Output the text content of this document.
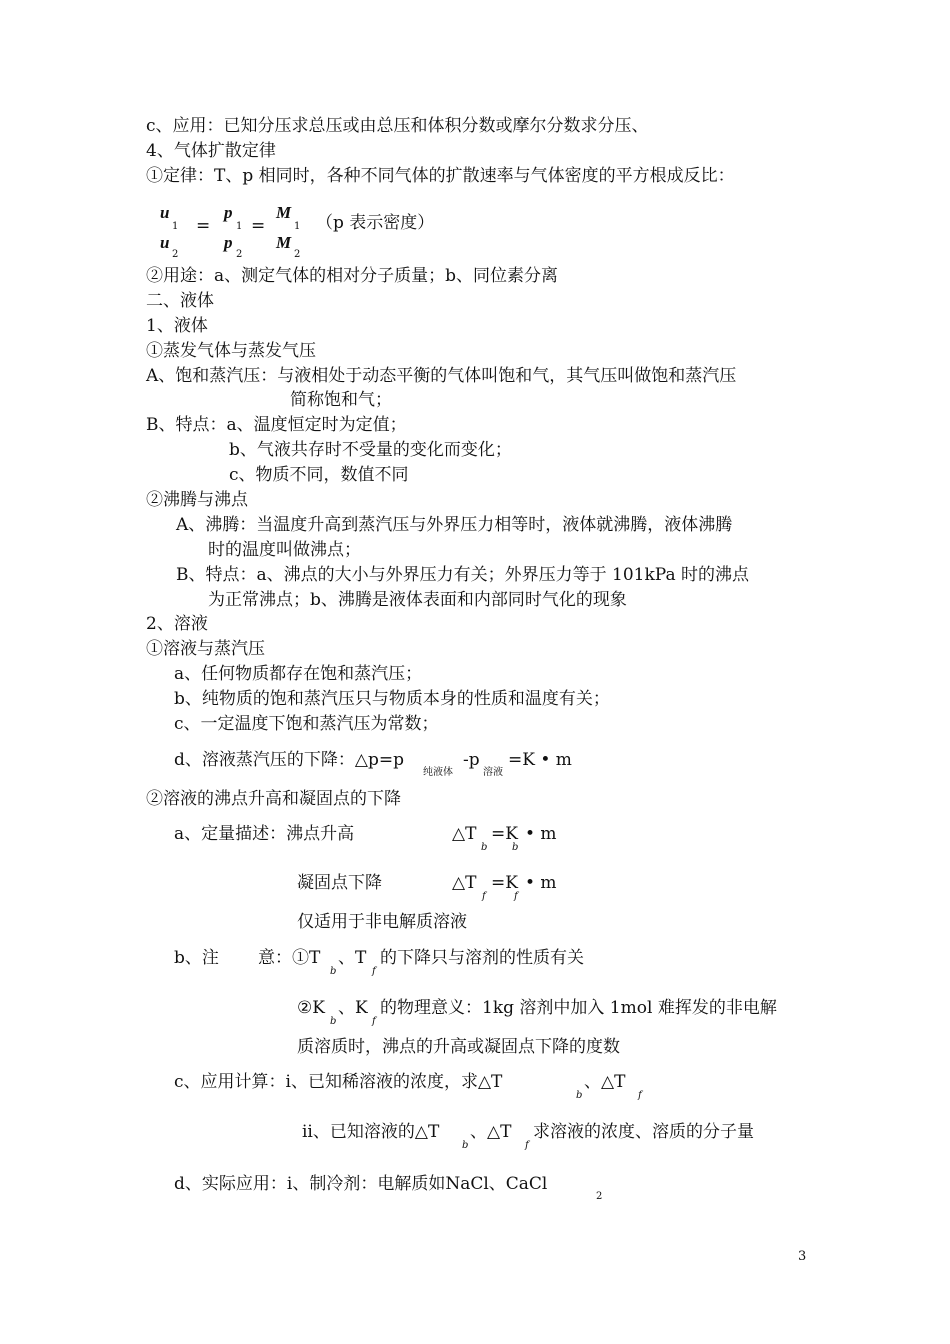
c、应用：已知分压求总压或由总压和体积分数或摩尔分数求分压、
4、气体扩散定律
①定律：T、p 相同时，各种不同气体的扩散速率与气体密度的平方根成反比：
u
1
u
2
=
p
1
p
2
=
M
1
M
2
（p 表示密度）
②用途：a、测定气体的相对分子质量；b、同位素分离
二、液体
1、液体
①蒸发气体与蒸发气压
A、饱和蒸汽压：与液相处于动态平衡的气体叫饱和气，其气压叫做饱和蒸汽压
简称饱和气；
B、特点：a、温度恒定时为定值；
b、气液共存时不受量的变化而变化；
c、物质不同，数值不同
②沸腾与沸点
A、沸腾：当温度升高到蒸汽压与外界压力相等时，液体就沸腾，液体沸腾
时的温度叫做沸点；
B、特点：a、沸点的大小与外界压力有关；外界压力等于 101kPa 时的沸点
为正常沸点；b、沸腾是液体表面和内部同时气化的现象
2、溶液
①溶液与蒸汽压
a、任何物质都存在饱和蒸汽压；
b、纯物质的饱和蒸汽压只与物质本身的性质和温度有关；
c、一定温度下饱和蒸汽压为常数；
d、溶液蒸汽压的下降：△p=p
纯液体
-p
溶液
=K • m
②溶液的沸点升高和凝固点的下降
a、定量描述：沸点升高	△T
b
=K
b
• m
凝固点下降	△T
f
=K
f
• m
仅适用于非电解质溶液
b、注 意：①T
b
、T
f
的下降只与溶剂的性质有关
②K
b
、K
f
的物理意义：1kg 溶剂中加入 1mol 难挥发的非电解
质溶质时，沸点的升高或凝固点下降的度数
c、应用计算：i、已知稀溶液的浓度，求△T
b
、△T
f
ii、已知溶液的△T
b
、△T
f
求溶液的浓度、溶质的分子量
d、实际应用：i、制冷剂：电解质如NaCl、CaCl
2
3
